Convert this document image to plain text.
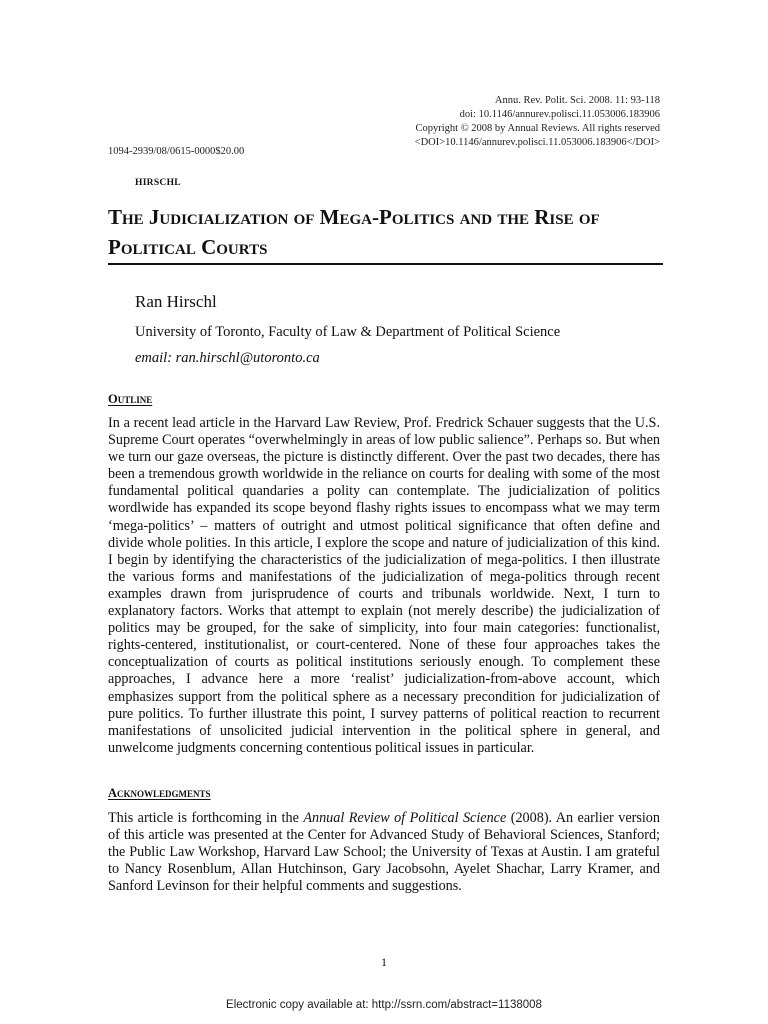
Annu. Rev. Polit. Sci. 2008. 11: 93-118
doi: 10.1146/annurev.polisci.11.053006.183906
Copyright © 2008 by Annual Reviews. All rights reserved
<DOI>10.1146/annurev.polisci.11.053006.183906</DOI>
1094-2939/08/0615-0000$20.00
HIRSCHL
The Judicialization of Mega-Politics and the Rise of Political Courts
Ran Hirschl
University of Toronto, Faculty of Law & Department of Political Science
email: ran.hirschl@utoronto.ca
Outline

In a recent lead article in the Harvard Law Review, Prof. Fredrick Schauer suggests that the U.S. Supreme Court operates “overwhelmingly in areas of low public salience”. Perhaps so. But when we turn our gaze overseas, the picture is distinctly different. Over the past two decades, there has been a tremendous growth worldwide in the reliance on courts for dealing with some of the most fundamental political quandaries a polity can contemplate. The judicialization of politics wordlwide has expanded its scope beyond flashy rights issues to encompass what we may term ‘mega-politics’ – matters of outright and utmost political significance that often define and divide whole polities. In this article, I explore the scope and nature of judicialization of this kind. I begin by identifying the characteristics of the judicialization of mega-politics. I then illustrate the various forms and manifestations of the judicialization of mega-politics through recent examples drawn from jurisprudence of courts and tribunals worldwide. Next, I turn to explanatory factors. Works that attempt to explain (not merely describe) the judicialization of politics may be grouped, for the sake of simplicity, into four main categories: functionalist, rights-centered, institutionalist, or court-centered. None of these four approaches takes the conceptualization of courts as political institutions seriously enough. To complement these approaches, I advance here a more ‘realist’ judicialization-from-above account, which emphasizes support from the political sphere as a necessary precondition for judicialization of pure politics. To further illustrate this point, I survey patterns of political reaction to recurrent manifestations of unsolicited judicial intervention in the political sphere in general, and unwelcome judgments concerning contentious political issues in particular.

Acknowledgments

This article is forthcoming in the Annual Review of Political Science (2008). An earlier version of this article was presented at the Center for Advanced Study of Behavioral Sciences, Stanford; the Public Law Workshop, Harvard Law School; the University of Texas at Austin. I am grateful to Nancy Rosenblum, Allan Hutchinson, Gary Jacobsohn, Ayelet Shachar, Larry Kramer, and Sanford Levinson for their helpful comments and suggestions.

1
Electronic copy available at: http://ssrn.com/abstract=1138008
